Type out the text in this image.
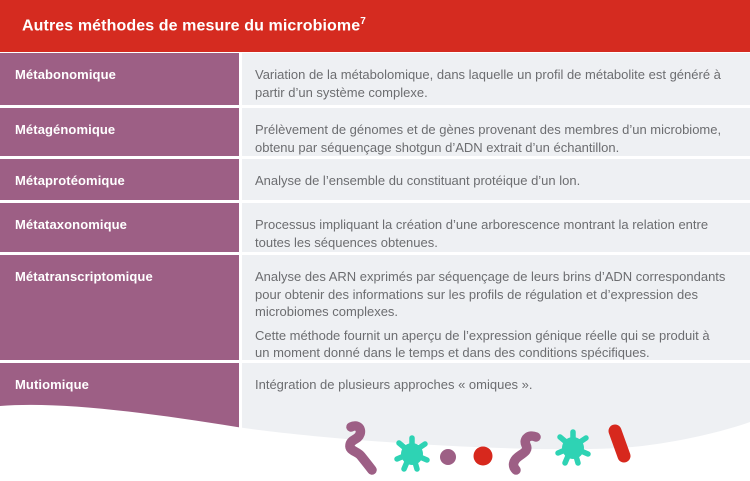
Autres méthodes de mesure du microbiome$^7$
Métabonomique	Variation de la métabolomique, dans laquelle un profil de métabolite est généré à partir d’un système complexe.

Métagénomique	Prélèvement de génomes et de gènes provenant des membres d’un microbiome, obtenu par séquençage shotgun d’ADN extrait d’un échantillon.

Métaprotéomique	Analyse de l’ensemble du constituant protéique d’un lon.

Métataxonomique	Processus impliquant la création d’une arborescence montrant la relation entre toutes les séquences obtenues.

Métatranscriptomique	Analyse des ARN exprimés par séquençage de leurs brins d’ADN correspondants pour obtenir des informations sur les profils de régulation et d’expression des microbiomes complexes.

Cette méthode fournit un aperçu de l’expression génique réelle qui se produit à un moment donné dans le temps et dans des conditions spécifiques.

Mutiomique	Intégration de plusieurs approches « omiques ».
